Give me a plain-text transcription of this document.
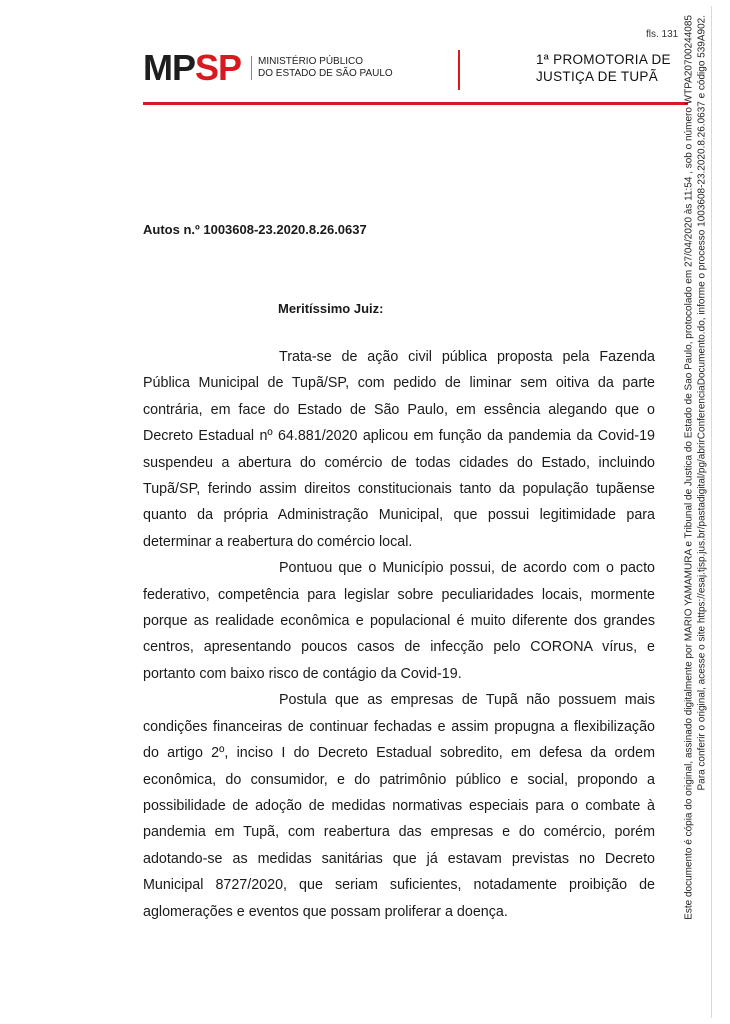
fls. 131
MP SP MINISTÉRIO PÚBLICO
DO ESTADO DE SÃO PAULO
1ª PROMOTORIA DE JUSTIÇA DE TUPÃ
Autos n.º 1003608-23.2020.8.26.0637
Meritíssimo Juiz:

Trata-se de ação civil pública proposta pela Fazenda Pública Municipal de Tupã/SP, com pedido de liminar sem oitiva da parte contrária, em face do Estado de São Paulo, em essência alegando que o Decreto Estadual nº 64.881/2020 aplicou em função da pandemia da Covid-19 suspendeu a abertura do comércio de todas cidades do Estado, incluindo Tupã/SP, ferindo assim direitos constitucionais tanto da população tupãense quanto da própria Administração Municipal, que possui legitimidade para determinar a reabertura do comércio local.

Pontuou que o Município possui, de acordo com o pacto federativo, competência para legislar sobre peculiaridades locais, mormente porque as realidade econômica e populacional é muito diferente dos grandes centros, apresentando poucos casos de infecção pelo CORONA vírus, e portanto com baixo risco de contágio da Covid-19.

Postula que as empresas de Tupã não possuem mais condições financeiras de continuar fechadas e assim propugna a flexibilização do artigo 2º, inciso I do Decreto Estadual sobredito, em defesa da ordem econômica, do consumidor, e do patrimônio público e social, propondo a possibilidade de adoção de medidas normativas especiais para o combate à pandemia em Tupã, com reabertura das empresas e do comércio, porém adotando-se as medidas sanitárias que já estavam previstas no Decreto Municipal 8727/2020, que seriam suficientes, notadamente proibição de aglomerações e eventos que possam proliferar a doença.	Este documento é cópia do original, assinado digitalmente por MARIO YAMAMURA e Tribunal de Justica do Estado de Sao Paulo, protocolado em 27/04/2020 às 11:54 , sob o número WTPA20700244085 Para conferir o original, acesse o site https://esaj.tjsp.jus.br/pastadigital/pg/abrirConferenciaDocumento.do, informe o processo 1003608-23.2020.8.26.0637 e código 539A902.
